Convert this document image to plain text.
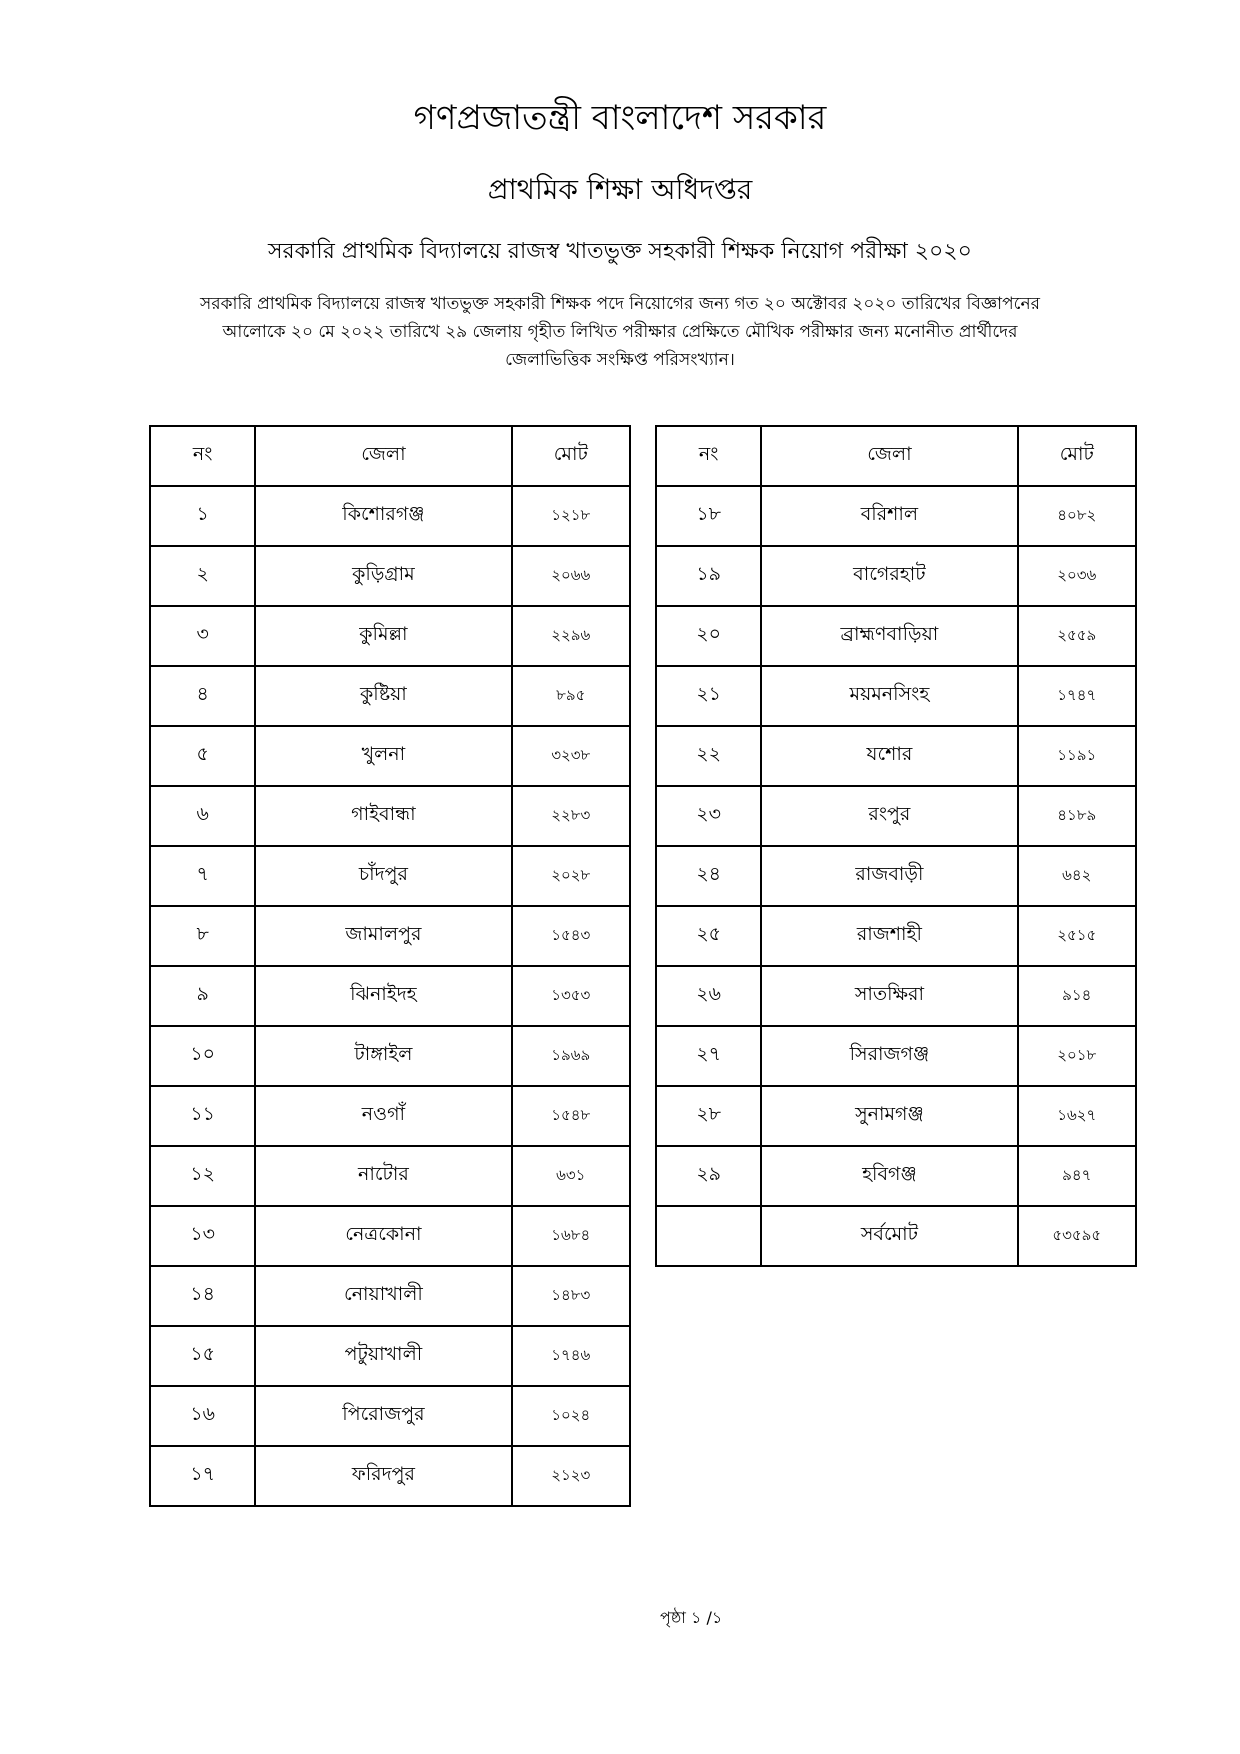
গণপ্রজাতন্ত্রী বাংলাদেশ সরকার
প্রাথমিক শিক্ষা অধিদপ্তর
সরকারি প্রাথমিক বিদ্যালয়ে রাজস্ব খাতভুক্ত সহকারী শিক্ষক নিয়োগ পরীক্ষা ২০২০
সরকারি প্রাথমিক বিদ্যালয়ে রাজস্ব খাতভুক্ত সহকারী শিক্ষক পদে নিয়োগের জন্য গত ২০ অক্টোবর ২০২০ তারিখের বিজ্ঞাপনের
আলোকে ২০ মে ২০২২ তারিখে ২৯ জেলায় গৃহীত লিখিত পরীক্ষার প্রেক্ষিতে মৌখিক পরীক্ষার জন্য মনোনীত প্রার্থীদের
জেলাভিত্তিক সংক্ষিপ্ত পরিসংখ্যান।
নং	জেলা	মোট
১	কিশোরগঞ্জ	১২১৮
২	কুড়িগ্রাম	২০৬৬
৩	কুমিল্লা	২২৯৬
৪	কুষ্টিয়া	৮৯৫
৫	খুলনা	৩২৩৮
৬	গাইবান্ধা	২২৮৩
৭	চাঁদপুর	২০২৮
৮	জামালপুর	১৫৪৩
৯	ঝিনাইদহ	১৩৫৩
১০	টাঙ্গাইল	১৯৬৯
১১	নওগাঁ	১৫৪৮
১২	নাটোর	৬৩১
১৩	নেত্রকোনা	১৬৮৪
১৪	নোয়াখালী	১৪৮৩
১৫	পটুয়াখালী	১৭৪৬
১৬	পিরোজপুর	১০২৪
১৭	ফরিদপুর	২১২৩
নং	জেলা	মোট
১৮	বরিশাল	৪০৮২
১৯	বাগেরহাট	২০৩৬
২০	ব্রাহ্মণবাড়িয়া	২৫৫৯
২১	ময়মনসিংহ	১৭৪৭
২২	যশোর	১১৯১
২৩	রংপুর	৪১৮৯
২৪	রাজবাড়ী	৬৪২
২৫	রাজশাহী	২৫১৫
২৬	সাতক্ষিরা	৯১৪
২৭	সিরাজগঞ্জ	২০১৮
২৮	সুনামগঞ্জ	১৬২৭
২৯	হবিগঞ্জ	৯৪৭
	সর্বমোট	৫৩৫৯৫
পৃষ্ঠা ১ /১
